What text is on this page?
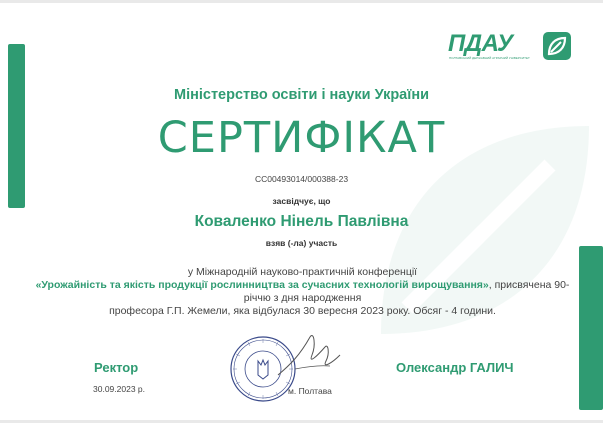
ПДАУ
ПОЛТАВСЬКИЙ ДЕРЖАВНИЙ АГРАРНИЙ УНІВЕРСИТЕТ
Міністерство освіти і науки України
СЕРТИФІКАТ
СС00493014/000388-23
засвідчує, що
Коваленко Нінель Павлівна
взяв (-ла) участь
у Міжнародній науково-практичній конференції
«Урожайність та якість продукції рослинництва за сучасних технологій вирощування», присвячена 90-річчю з дня народження
професора Г.П. Жемели, яка відбулася 30 вересня 2023 року. Обсяг - 4 години.
Ректор
30.09.2023 р.
Олександр ГАЛИЧ
м. Полтава
